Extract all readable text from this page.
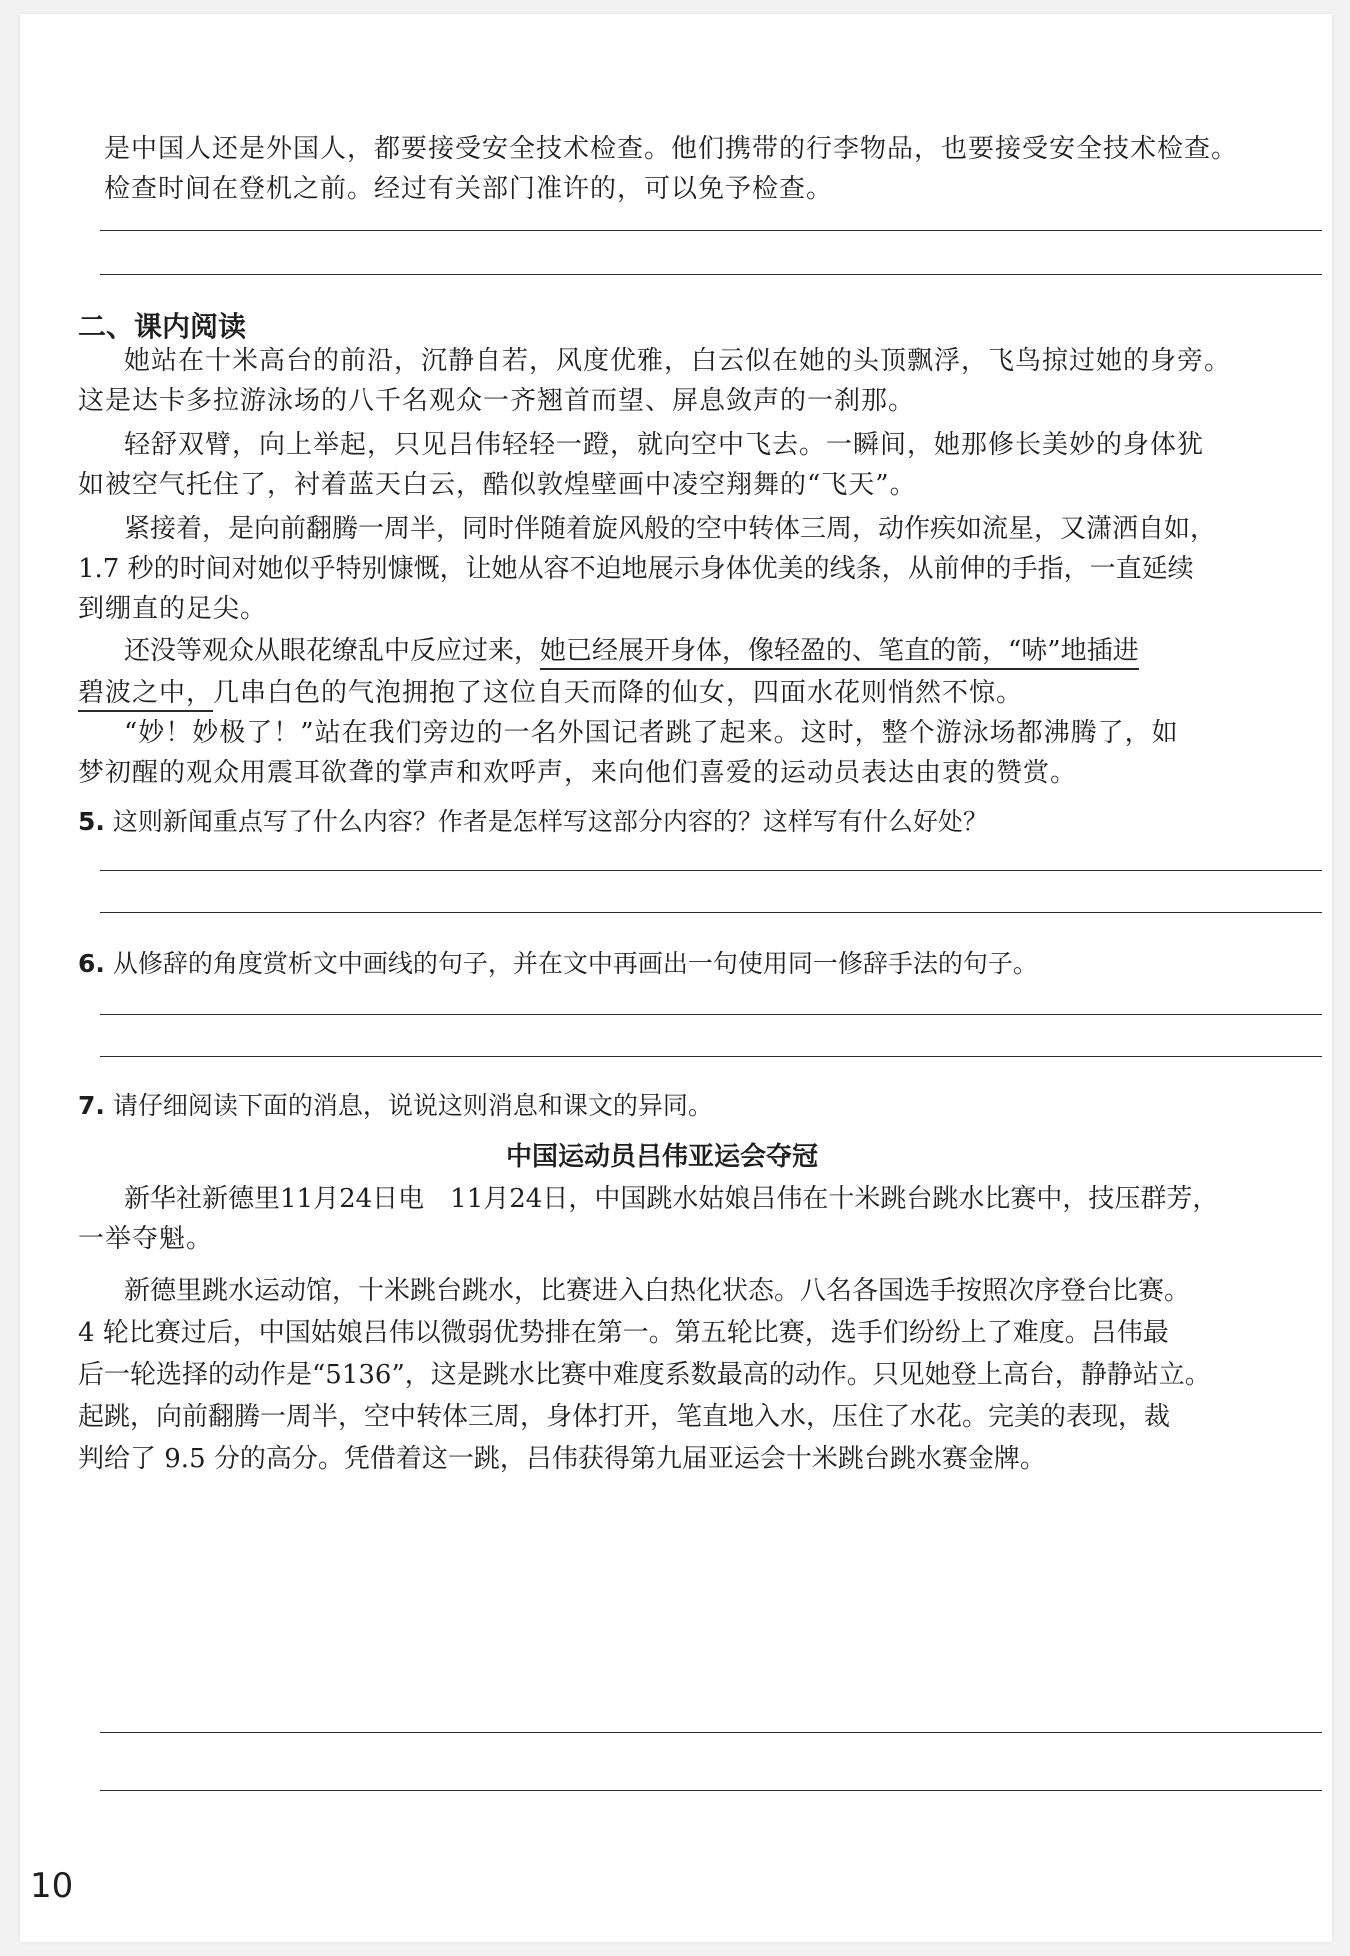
是中国人还是外国人，都要接受安全技术检查。他们携带的行李物品，也要接受安全技术检查。
检查时间在登机之前。经过有关部门准许的，可以免予检查。
二、课内阅读
她站在十米高台的前沿，沉静自若，风度优雅，白云似在她的头顶飘浮，飞鸟掠过她的身旁。
这是达卡多拉游泳场的八千名观众一齐翘首而望、屏息敛声的一刹那。
轻舒双臂，向上举起，只见吕伟轻轻一蹬，就向空中飞去。一瞬间，她那修长美妙的身体犹
如被空气托住了，衬着蓝天白云，酷似敦煌壁画中凌空翔舞的“飞天”。
紧接着，是向前翻腾一周半，同时伴随着旋风般的空中转体三周，动作疾如流星，又潇洒自如，
1.7 秒的时间对她似乎特别慷慨，让她从容不迫地展示身体优美的线条，从前伸的手指，一直延续
到绷直的足尖。
还没等观众从眼花缭乱中反应过来，她已经展开身体，像轻盈的、笔直的箭，“哧”地插进
碧波之中，几串白色的气泡拥抱了这位自天而降的仙女，四面水花则悄然不惊。
“妙！妙极了！”站在我们旁边的一名外国记者跳了起来。这时，整个游泳场都沸腾了，如
梦初醒的观众用震耳欲聋的掌声和欢呼声，来向他们喜爱的运动员表达由衷的赞赏。
5. 这则新闻重点写了什么内容？作者是怎样写这部分内容的？这样写有什么好处？
6. 从修辞的角度赏析文中画线的句子，并在文中再画出一句使用同一修辞手法的句子。
7. 请仔细阅读下面的消息，说说这则消息和课文的异同。
中国运动员吕伟亚运会夺冠
新华社新德里11月24日电　11月24日，中国跳水姑娘吕伟在十米跳台跳水比赛中，技压群芳，
一举夺魁。
新德里跳水运动馆，十米跳台跳水，比赛进入白热化状态。八名各国选手按照次序登台比赛。
4 轮比赛过后，中国姑娘吕伟以微弱优势排在第一。第五轮比赛，选手们纷纷上了难度。吕伟最
后一轮选择的动作是“5136”，这是跳水比赛中难度系数最高的动作。只见她登上高台，静静站立。
起跳，向前翻腾一周半，空中转体三周，身体打开，笔直地入水，压住了水花。完美的表现，裁
判给了 9.5 分的高分。凭借着这一跳，吕伟获得第九届亚运会十米跳台跳水赛金牌。
10
